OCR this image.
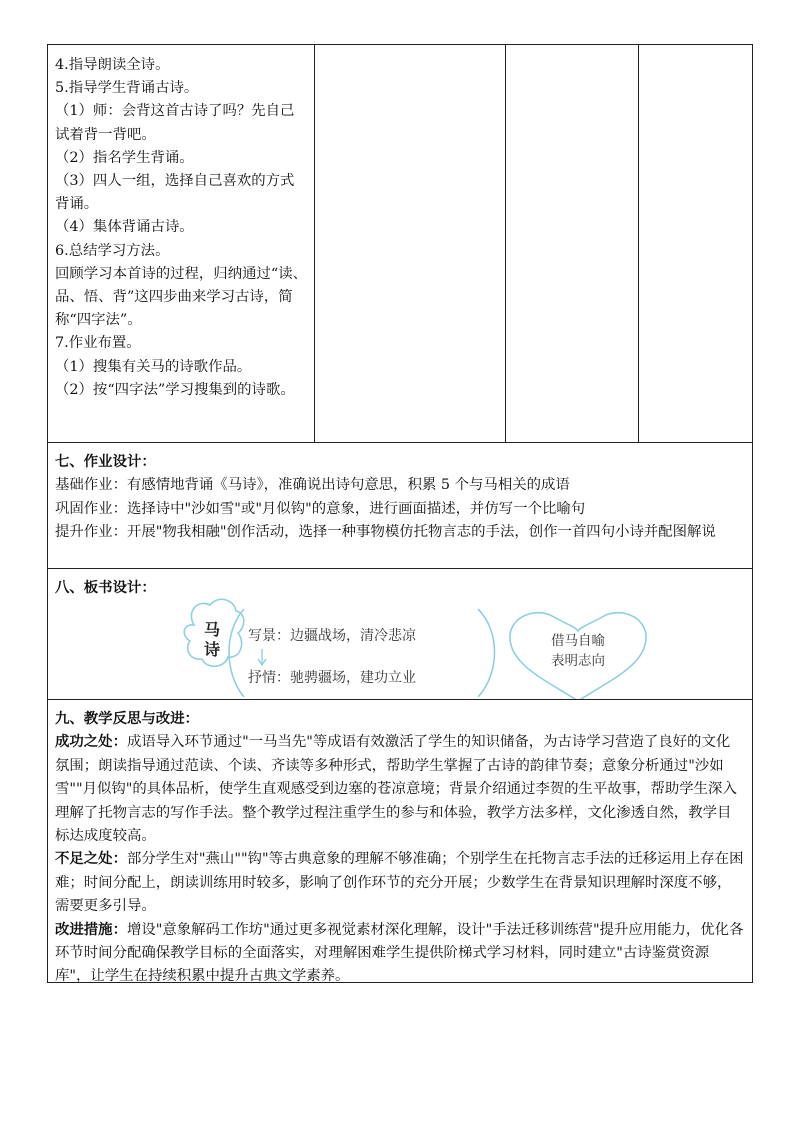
4.指导朗读全诗。
5.指导学生背诵古诗。
（1）师：会背这首古诗了吗？先自己试着背一背吧。
（2）指名学生背诵。
（3）四人一组，选择自己喜欢的方式背诵。
（4）集体背诵古诗。
6.总结学习方法。
回顾学习本首诗的过程，归纳通过“读、品、悟、背”这四步曲来学习古诗，简称“四字法”。
7.作业布置。
（1）搜集有关马的诗歌作品。
（2）按“四字法”学习搜集到的诗歌。

七、作业设计：
基础作业：有感情地背诵《马诗》，准确说出诗句意思，积累 5 个与马相关的成语
巩固作业：选择诗中"沙如雪"或"月似钩"的意象，进行画面描述，并仿写一个比喻句
提升作业：开展"物我相融"创作活动，选择一种事物模仿托物言志的手法，创作一首四句小诗并配图解说

八、板书设计：
马
诗
写景：边疆战场，清冷悲凉
抒情：驰骋疆场，建功立业
借马自喻
表明志向

九、教学反思与改进：
成功之处：成语导入环节通过"一马当先"等成语有效激活了学生的知识储备，为古诗学习营造了良好的文化氛围；朗读指导通过范读、个读、齐读等多种形式，帮助学生掌握了古诗的韵律节奏；意象分析通过"沙如雪""月似钩"的具体品析，使学生直观感受到边塞的苍凉意境；背景介绍通过李贺的生平故事，帮助学生深入理解了托物言志的写作手法。整个教学过程注重学生的参与和体验，教学方法多样，文化渗透自然，教学目标达成度较高。
不足之处：部分学生对"燕山""钩"等古典意象的理解不够准确；个别学生在托物言志手法的迁移运用上存在困难；时间分配上，朗读训练用时较多，影响了创作环节的充分开展；少数学生在背景知识理解时深度不够，需要更多引导。
改进措施：增设"意象解码工作坊"通过更多视觉素材深化理解，设计"手法迁移训练营"提升应用能力，优化各环节时间分配确保教学目标的全面落实，对理解困难学生提供阶梯式学习材料，同时建立"古诗鉴赏资源库"，让学生在持续积累中提升古典文学素养。
